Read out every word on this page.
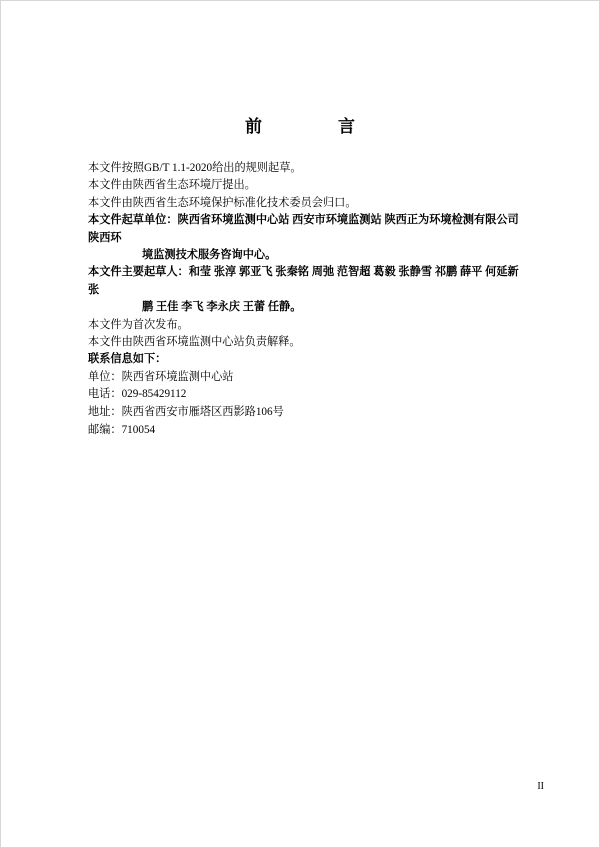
前　　言

本文件按照GB/T 1.1-2020给出的规则起草。

本文件由陕西省生态环境厅提出。

本文件由陕西省生态环境保护标准化技术委员会归口。

本文件起草单位：陕西省环境监测中心站 西安市环境监测站 陕西正为环境检测有限公司 陕西环
境监测技术服务咨询中心。

本文件主要起草人：和莹 张淳 郭亚飞 张秦铭 周弛 范智超 葛毅 张静雪 祁鹏 薛平 何延新 张
鹏 王佳 李飞 李永庆 王蕾 任静。

本文件为首次发布。

本文件由陕西省环境监测中心站负责解释。

联系信息如下：

单位：陕西省环境监测中心站

电话：029-85429112

地址：陕西省西安市雁塔区西影路106号

邮编：710054

II
